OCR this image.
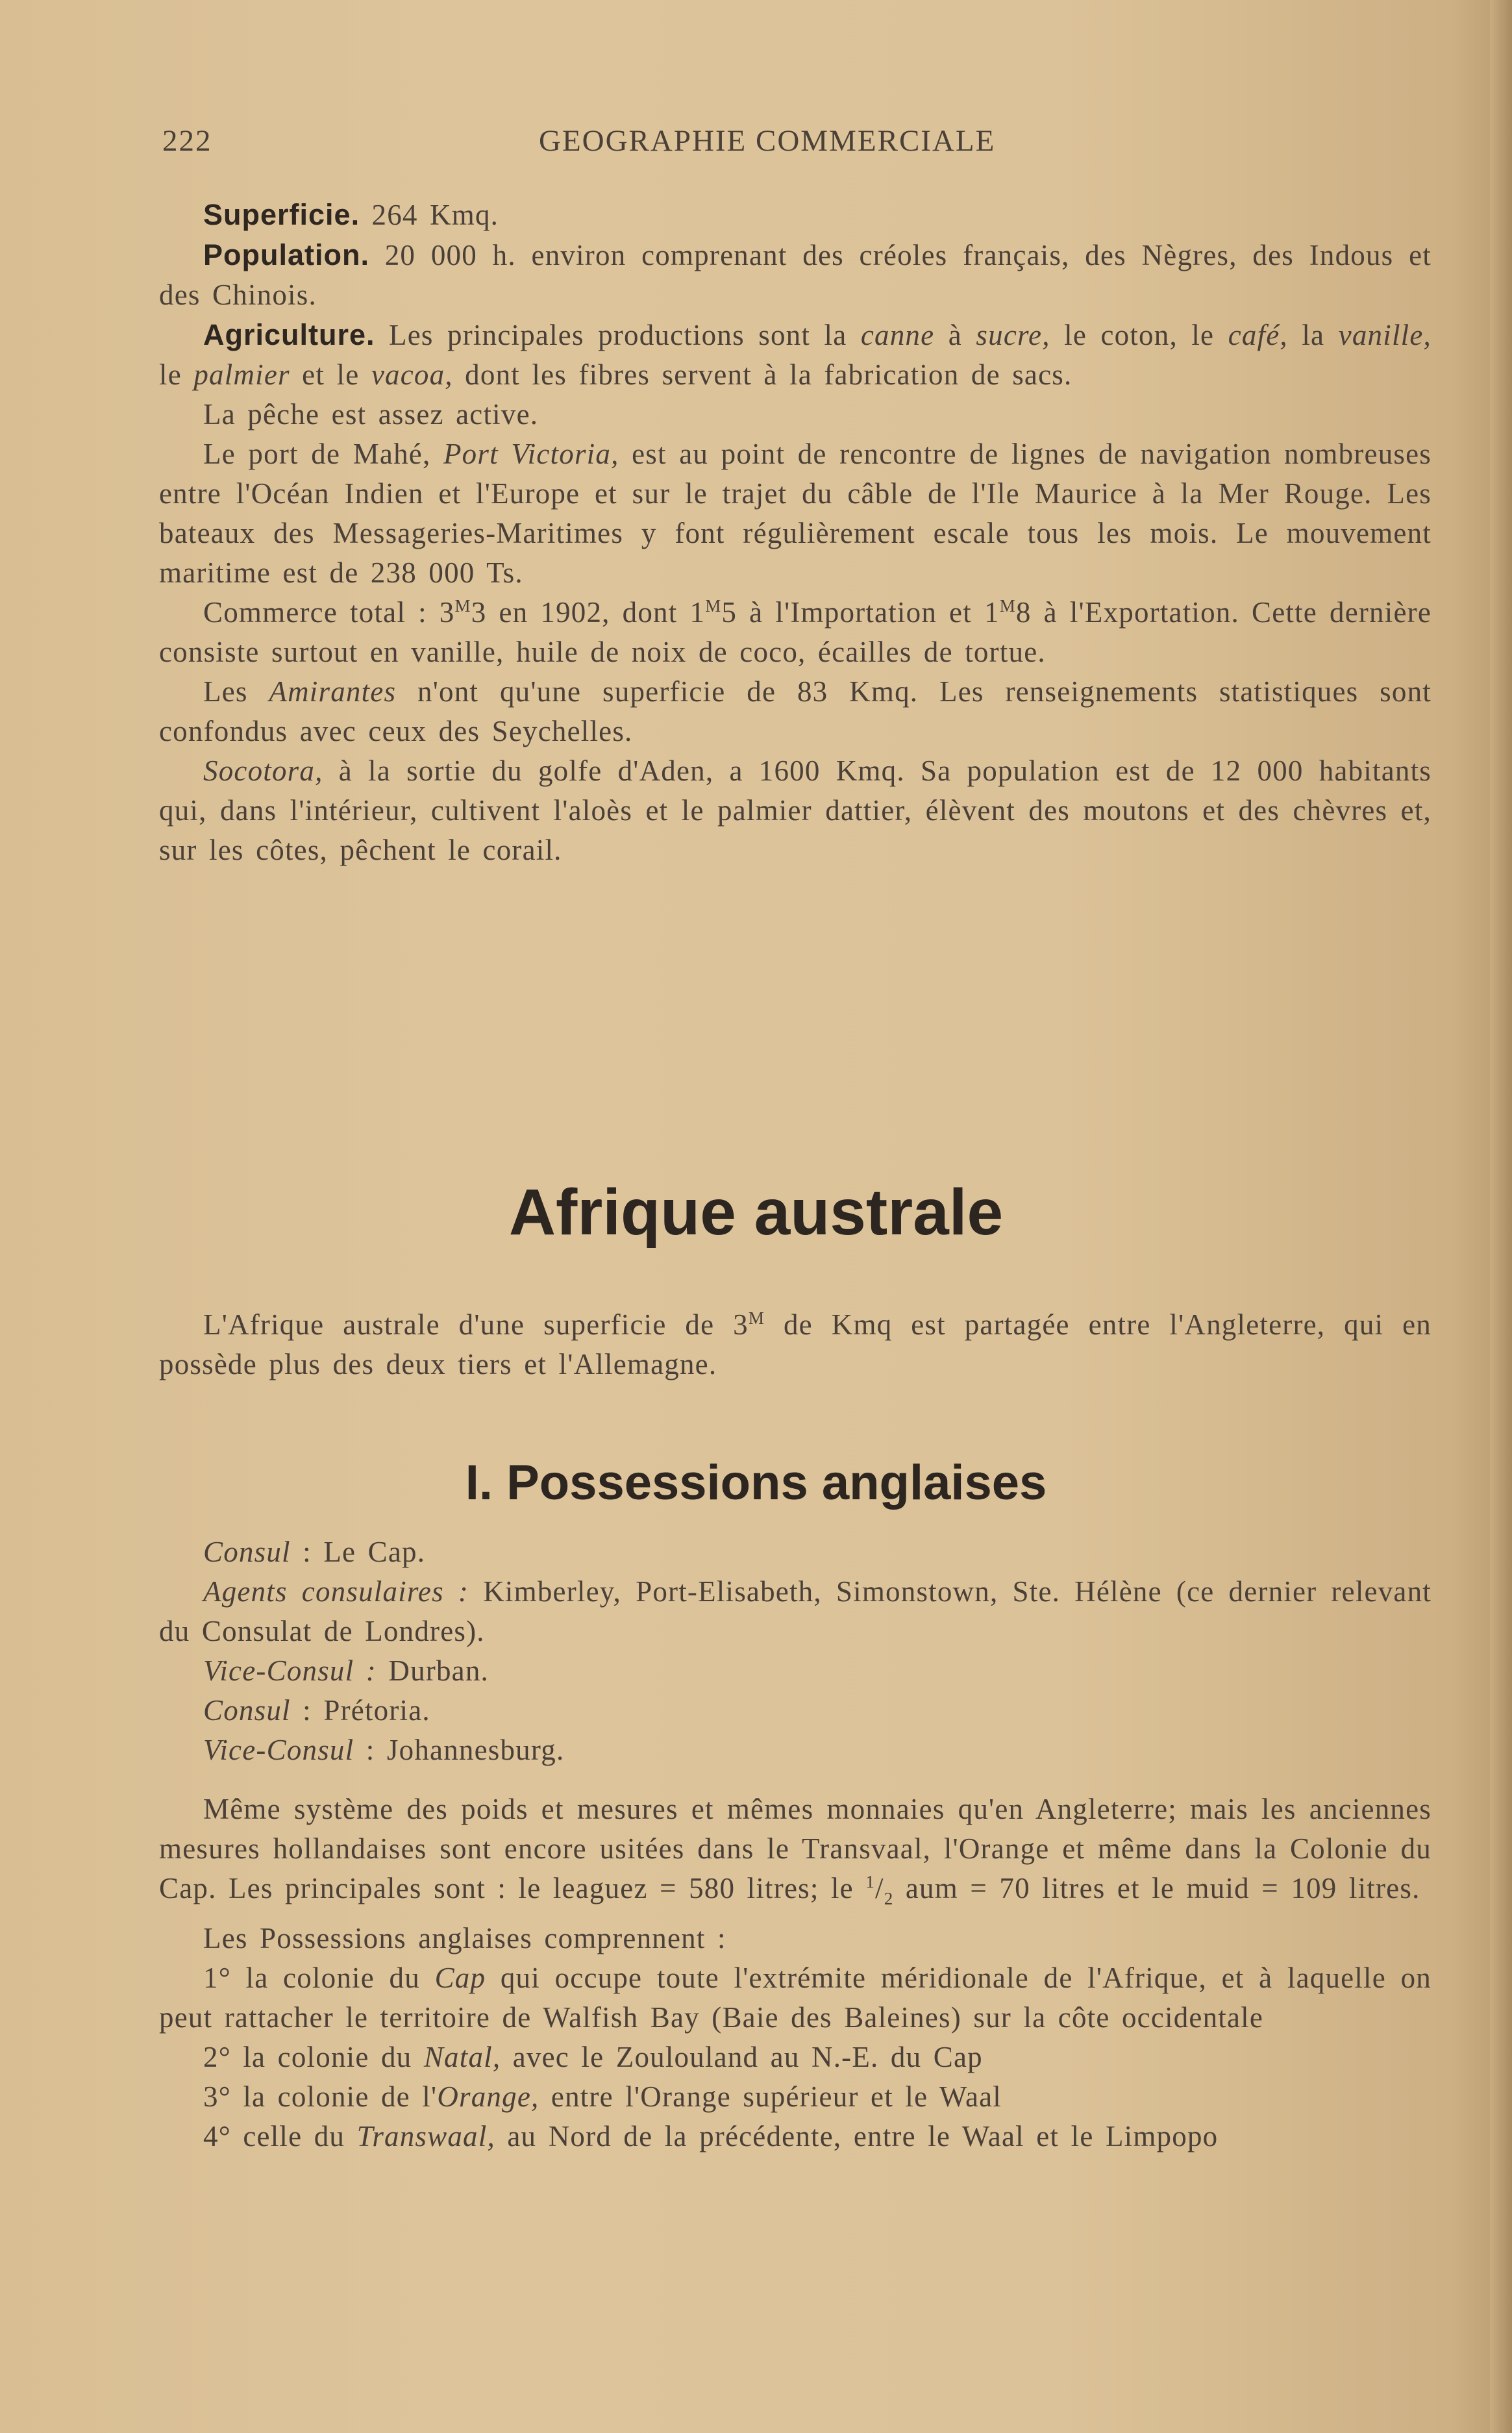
222	GEOGRAPHIE COMMERCIALE

Superficie. 264 Kmq.

Population. 20 000 h. environ comprenant des créoles français, des Nègres, des Indous et des Chinois.

Agriculture. Les principales productions sont la canne à sucre, le coton, le café, la vanille, le palmier et le vacoa, dont les fibres servent à la fabrication de sacs.

La pêche est assez active.

Le port de Mahé, Port Victoria, est au point de rencontre de lignes de navigation nombreuses entre l'Océan Indien et l'Europe et sur le trajet du câble de l'Ile Maurice à la Mer Rouge. Les bateaux des Messageries-Maritimes y font régulièrement escale tous les mois. Le mouvement maritime est de 238 000 Ts.

Commerce total : $3^M3$ en 1902, dont $1^M5$ à l'Importation et $1^M8$ à l'Exportation. Cette dernière consiste surtout en vanille, huile de noix de coco, écailles de tortue.

Les Amirantes n'ont qu'une superficie de 83 Kmq. Les renseignements statistiques sont confondus avec ceux des Seychelles.

Socotora, à la sortie du golfe d'Aden, a 1600 Kmq. Sa population est de 12 000 habitants qui, dans l'intérieur, cultivent l'aloès et le palmier dattier, élèvent des moutons et des chèvres et, sur les côtes, pêchent le corail.

Afrique australe

L'Afrique australe d'une superficie de $3^M$ de Kmq est partagée entre l'Angleterre, qui en possède plus des deux tiers et l'Allemagne.

I. Possessions anglaises

Consul : Le Cap.

Agents consulaires : Kimberley, Port-Elisabeth, Simonstown, Ste. Hélène (ce dernier relevant du Consulat de Londres).

Vice-Consul : Durban.

Consul : Prétoria.

Vice-Consul : Johannesburg.

Même système des poids et mesures et mêmes monnaies qu'en Angleterre; mais les anciennes mesures hollandaises sont encore usitées dans le Transvaal, l'Orange et même dans la Colonie du Cap. Les principales sont : le leaguez = 580 litres; le $^1/_2$ aum = 70 litres et le muid = 109 litres.

Les Possessions anglaises comprennent :

1° la colonie du Cap qui occupe toute l'extrémite méridionale de l'Afrique, et à laquelle on peut rattacher le territoire de Walfish Bay (Baie des Baleines) sur la côte occidentale

2° la colonie du Natal, avec le Zoulouland au N.-E. du Cap

3° la colonie de l'Orange, entre l'Orange supérieur et le Waal

4° celle du Transwaal, au Nord de la précédente, entre le Waal et le Limpopo
